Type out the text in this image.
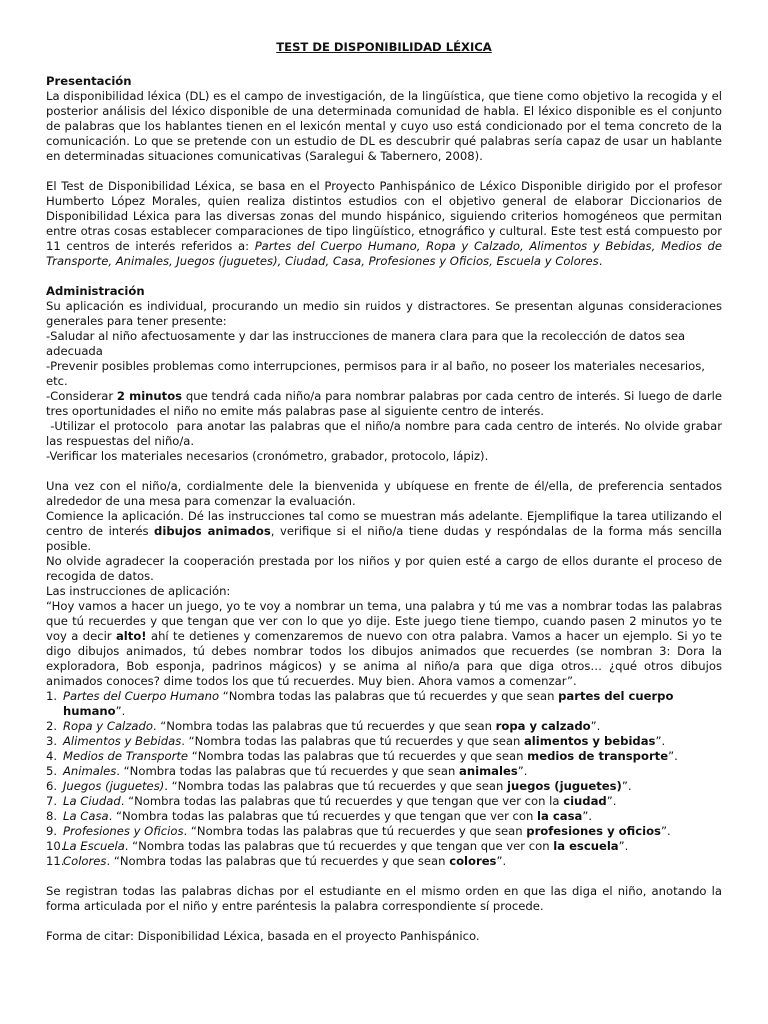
TEST DE DISPONIBILIDAD LÉXICA
Presentación

La disponibilidad léxica (DL) es el campo de investigación, de la lingüística, que tiene como objetivo la recogida y el posterior análisis del léxico disponible de una determinada comunidad de habla. El léxico disponible es el conjunto de palabras que los hablantes tienen en el lexicón mental y cuyo uso está condicionado por el tema concreto de la comunicación. Lo que se pretende con un estudio de DL es descubrir qué palabras sería capaz de usar un hablante en determinadas situaciones comunicativas (Saralegui & Tabernero, 2008).

El Test de Disponibilidad Léxica, se basa en el Proyecto Panhispánico de Léxico Disponible dirigido por el profesor Humberto López Morales, quien realiza distintos estudios con el objetivo general de elaborar Diccionarios de Disponibilidad Léxica para las diversas zonas del mundo hispánico, siguiendo criterios homogéneos que permitan entre otras cosas establecer comparaciones de tipo lingüístico, etnográfico y cultural. Este test está compuesto por 11 centros de interés referidos a: Partes del Cuerpo Humano, Ropa y Calzado, Alimentos y Bebidas, Medios de Transporte, Animales, Juegos (juguetes), Ciudad, Casa, Profesiones y Oficios, Escuela y Colores.

Administración

Su aplicación es individual, procurando un medio sin ruidos y distractores. Se presentan algunas consideraciones generales para tener presente:

-Saludar al niño afectuosamente y dar las instrucciones de manera clara para que la recolección de datos sea adecuada

-Prevenir posibles problemas como interrupciones, permisos para ir al baño, no poseer los materiales necesarios, etc.

-Considerar 2 minutos que tendrá cada niño/a para nombrar palabras por cada centro de interés. Si luego de darle tres oportunidades el niño no emite más palabras pase al siguiente centro de interés.

-Utilizar el protocolo  para anotar las palabras que el niño/a nombre para cada centro de interés. No olvide grabar las respuestas del niño/a.

-Verificar los materiales necesarios (cronómetro, grabador, protocolo, lápiz).

Una vez con el niño/a, cordialmente dele la bienvenida y ubíquese en frente de él/ella, de preferencia sentados alrededor de una mesa para comenzar la evaluación.

Comience la aplicación. Dé las instrucciones tal como se muestran más adelante. Ejemplifique la tarea utilizando el centro de interés dibujos animados, verifique si el niño/a tiene dudas y respóndalas de la forma más sencilla posible.

No olvide agradecer la cooperación prestada por los niños y por quien esté a cargo de ellos durante el proceso de recogida de datos.

Las instrucciones de aplicación:

“Hoy vamos a hacer un juego, yo te voy a nombrar un tema, una palabra y tú me vas a nombrar todas las palabras que tú recuerdes y que tengan que ver con lo que yo dije. Este juego tiene tiempo, cuando pasen 2 minutos yo te voy a decir alto! ahí te detienes y comenzaremos de nuevo con otra palabra. Vamos a hacer un ejemplo. Si yo te digo dibujos animados, tú debes nombrar todos los dibujos animados que recuerdes (se nombran 3: Dora la exploradora, Bob esponja, padrinos mágicos) y se anima al niño/a para que diga otros… ¿qué otros dibujos animados conoces? dime todos los que tú recuerdes. Muy bien. Ahora vamos a comenzar”.

1. Partes del Cuerpo Humano “Nombra todas las palabras que tú recuerdes y que sean partes del cuerpo humano”.
2. Ropa y Calzado. “Nombra todas las palabras que tú recuerdes y que sean ropa y calzado”.
3. Alimentos y Bebidas. “Nombra todas las palabras que tú recuerdes y que sean alimentos y bebidas”.
4. Medios de Transporte “Nombra todas las palabras que tú recuerdes y que sean medios de transporte”.
5. Animales. “Nombra todas las palabras que tú recuerdes y que sean animales”.
6. Juegos (juguetes). “Nombra todas las palabras que tú recuerdes y que sean juegos (juguetes)”.
7. La Ciudad. “Nombra todas las palabras que tú recuerdes y que tengan que ver con la ciudad”.
8. La Casa. “Nombra todas las palabras que tú recuerdes y que tengan que ver con la casa”.
9. Profesiones y Oficios. “Nombra todas las palabras que tú recuerdes y que sean profesiones y oficios”.
10.
La Escuela. “Nombra todas las palabras que tú recuerdes y que tengan que ver con la escuela”.
11.
Colores. “Nombra todas las palabras que tú recuerdes y que sean colores”.

Se registran todas las palabras dichas por el estudiante en el mismo orden en que las diga el niño, anotando la forma articulada por el niño y entre paréntesis la palabra correspondiente sí procede.

Forma de citar: Disponibilidad Léxica, basada en el proyecto Panhispánico.
